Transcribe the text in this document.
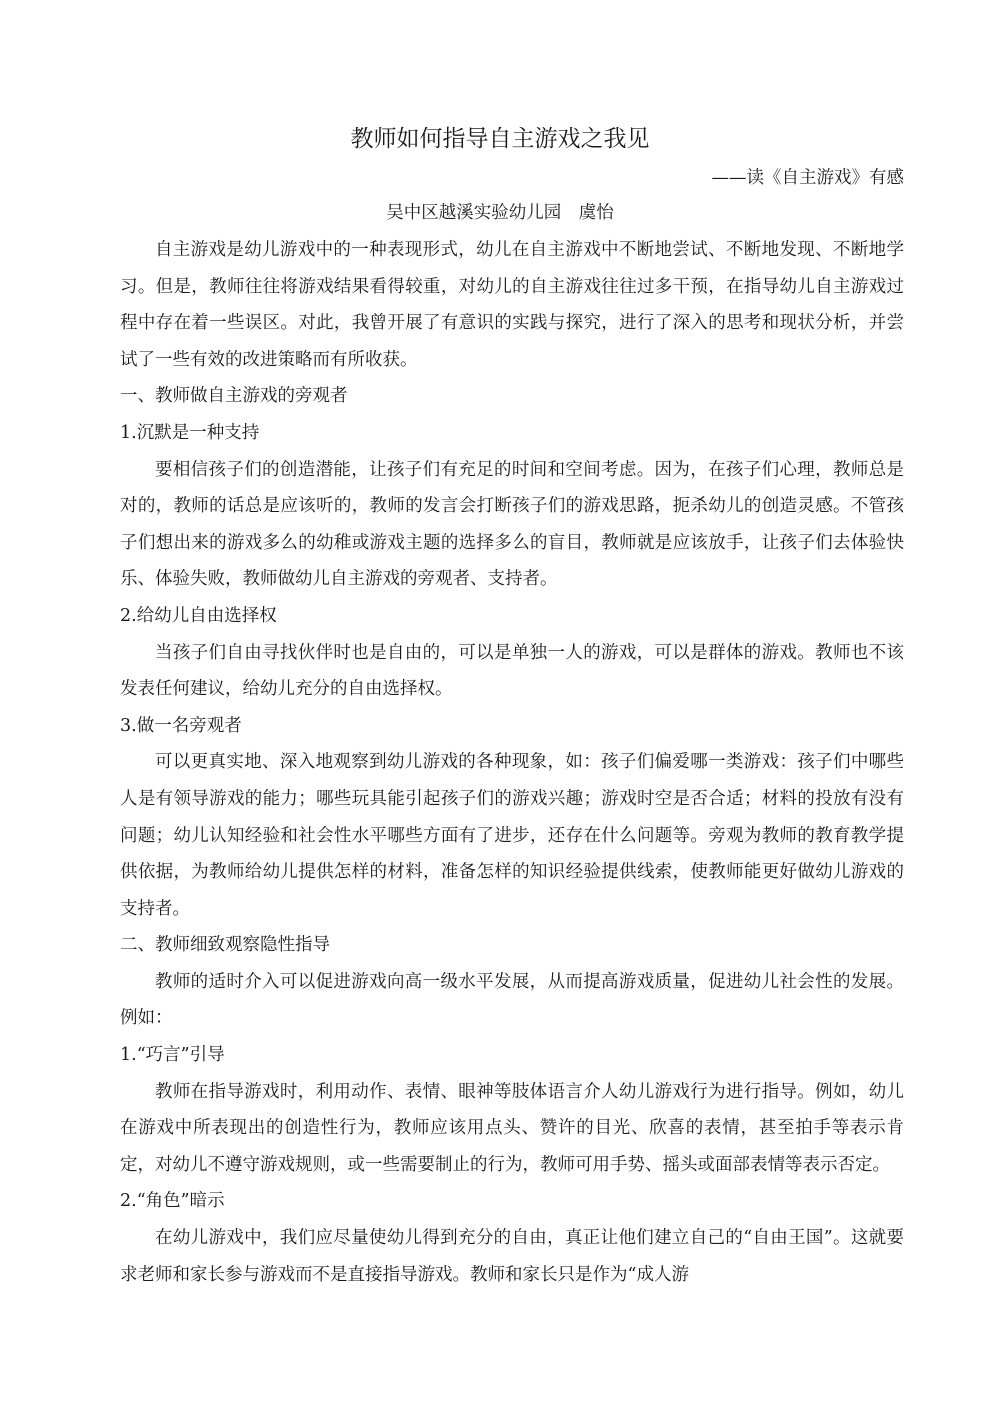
教师如何指导自主游戏之我见
——读《自主游戏》有感
吴中区越溪实验幼儿园　虞怡

自主游戏是幼儿游戏中的一种表现形式，幼儿在自主游戏中不断地尝试、不断地发现、不断地学习。但是，教师往往将游戏结果看得较重，对幼儿的自主游戏往往过多干预，在指导幼儿自主游戏过程中存在着一些误区。对此，我曾开展了有意识的实践与探究，进行了深入的思考和现状分析，并尝试了一些有效的改进策略而有所收获。

一、教师做自主游戏的旁观者

1.沉默是一种支持

要相信孩子们的创造潜能，让孩子们有充足的时间和空间考虑。因为，在孩子们心理，教师总是对的，教师的话总是应该听的，教师的发言会打断孩子们的游戏思路，扼杀幼儿的创造灵感。不管孩子们想出来的游戏多么的幼稚或游戏主题的选择多么的盲目，教师就是应该放手，让孩子们去体验快乐、体验失败，教师做幼儿自主游戏的旁观者、支持者。

2.给幼儿自由选择权

当孩子们自由寻找伙伴时也是自由的，可以是单独一人的游戏，可以是群体的游戏。教师也不该发表任何建议，给幼儿充分的自由选择权。

3.做一名旁观者

可以更真实地、深入地观察到幼儿游戏的各种现象，如：孩子们偏爱哪一类游戏：孩子们中哪些人是有领导游戏的能力；哪些玩具能引起孩子们的游戏兴趣；游戏时空是否合适；材料的投放有没有问题；幼儿认知经验和社会性水平哪些方面有了进步，还存在什么问题等。旁观为教师的教育教学提供依据，为教师给幼儿提供怎样的材料，准备怎样的知识经验提供线索，使教师能更好做幼儿游戏的支持者。

二、教师细致观察隐性指导

教师的适时介入可以促进游戏向高一级水平发展，从而提高游戏质量，促进幼儿社会性的发展。例如：

1.“巧言”引导

教师在指导游戏时，利用动作、表情、眼神等肢体语言介人幼儿游戏行为进行指导。例如，幼儿在游戏中所表现出的创造性行为，教师应该用点头、赞许的目光、欣喜的表情，甚至拍手等表示肯定，对幼儿不遵守游戏规则，或一些需要制止的行为，教师可用手势、摇头或面部表情等表示否定。

2.“角色”暗示

在幼儿游戏中，我们应尽量使幼儿得到充分的自由，真正让他们建立自己的“自由王国”。这就要求老师和家长参与游戏而不是直接指导游戏。教师和家长只是作为“成人游
